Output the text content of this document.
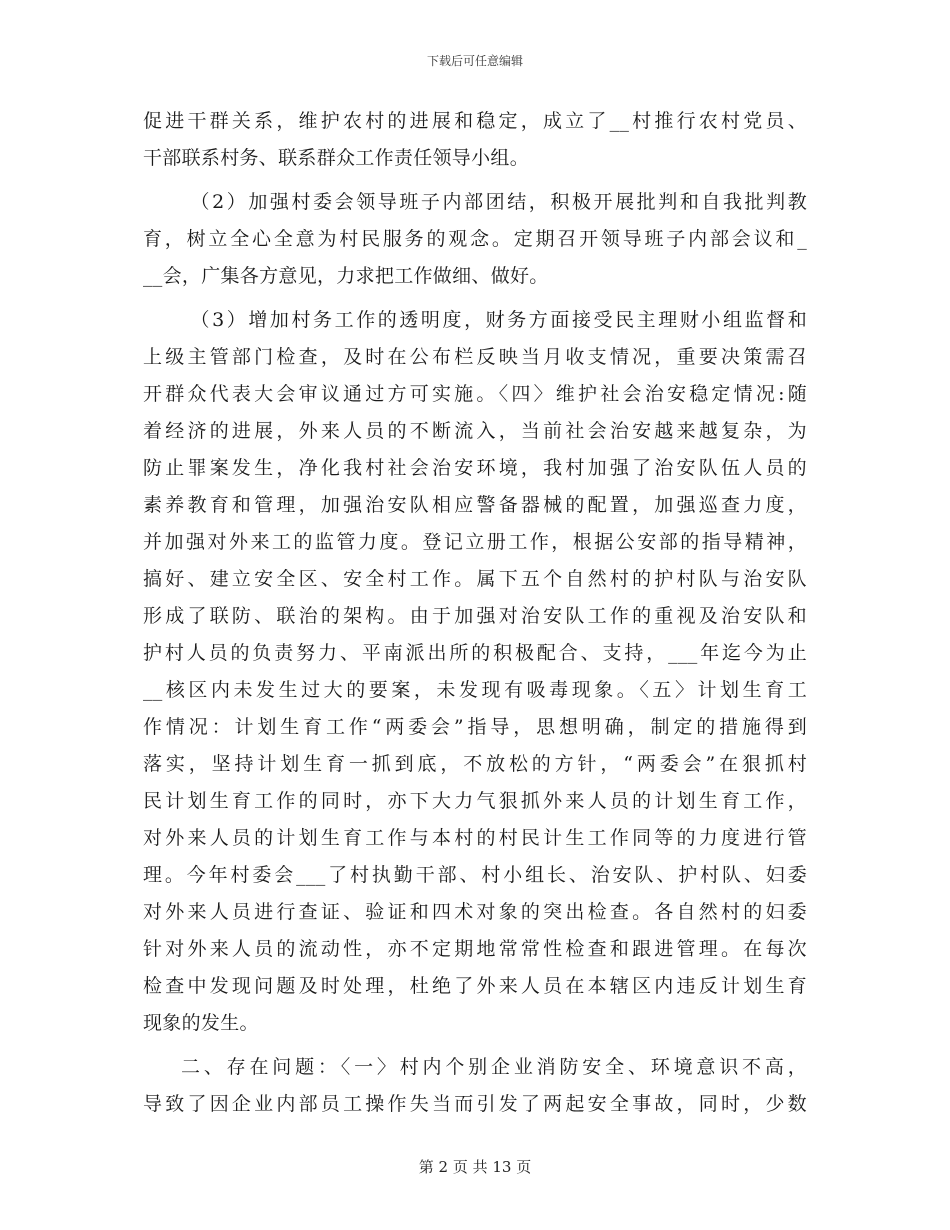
下载后可任意编辑
促进干群关系，维护农村的进展和稳定，成立了__村推行农村党员、
干部联系村务、联系群众工作责任领导小组。
（2）加强村委会领导班子内部团结，积极开展批判和自我批判教
育，树立全心全意为村民服务的观念。定期召开领导班子内部会议和_
__会，广集各方意见，力求把工作做细、做好。
（3）增加村务工作的透明度，财务方面接受民主理财小组监督和
上级主管部门检查，及时在公布栏反映当月收支情况，重要决策需召
开群众代表大会审议通过方可实施。〈四〉维护社会治安稳定情况:随
着经济的进展，外来人员的不断流入，当前社会治安越来越复杂，为
防止罪案发生，净化我村社会治安环境，我村加强了治安队伍人员的
素养教育和管理，加强治安队相应警备器械的配置，加强巡查力度，
并加强对外来工的监管力度。登记立册工作，根据公安部的指导精神，
搞好、建立安全区、安全村工作。属下五个自然村的护村队与治安队
形成了联防、联治的架构。由于加强对治安队工作的重视及治安队和
护村人员的负责努力、平南派出所的积极配合、支持，___年迄今为止
__核区内未发生过大的要案，未发现有吸毒现象。〈五〉计划生育工
作情况：计划生育工作“两委会”指导，思想明确，制定的措施得到
落实，坚持计划生育一抓到底，不放松的方针，“两委会”在狠抓村
民计划生育工作的同时，亦下大力气狠抓外来人员的计划生育工作，
对外来人员的计划生育工作与本村的村民计生工作同等的力度进行管
理。今年村委会___了村执勤干部、村小组长、治安队、护村队、妇委
对外来人员进行查证、验证和四术对象的突出检查。各自然村的妇委
针对外来人员的流动性，亦不定期地常常性检查和跟进管理。在每次
检查中发现问题及时处理，杜绝了外来人员在本辖区内违反计划生育
现象的发生。
二、存在问题：〈一〉村内个别企业消防安全、环境意识不高，
导致了因企业内部员工操作失当而引发了两起安全事故，同时，少数
第 2 页 共 13 页
